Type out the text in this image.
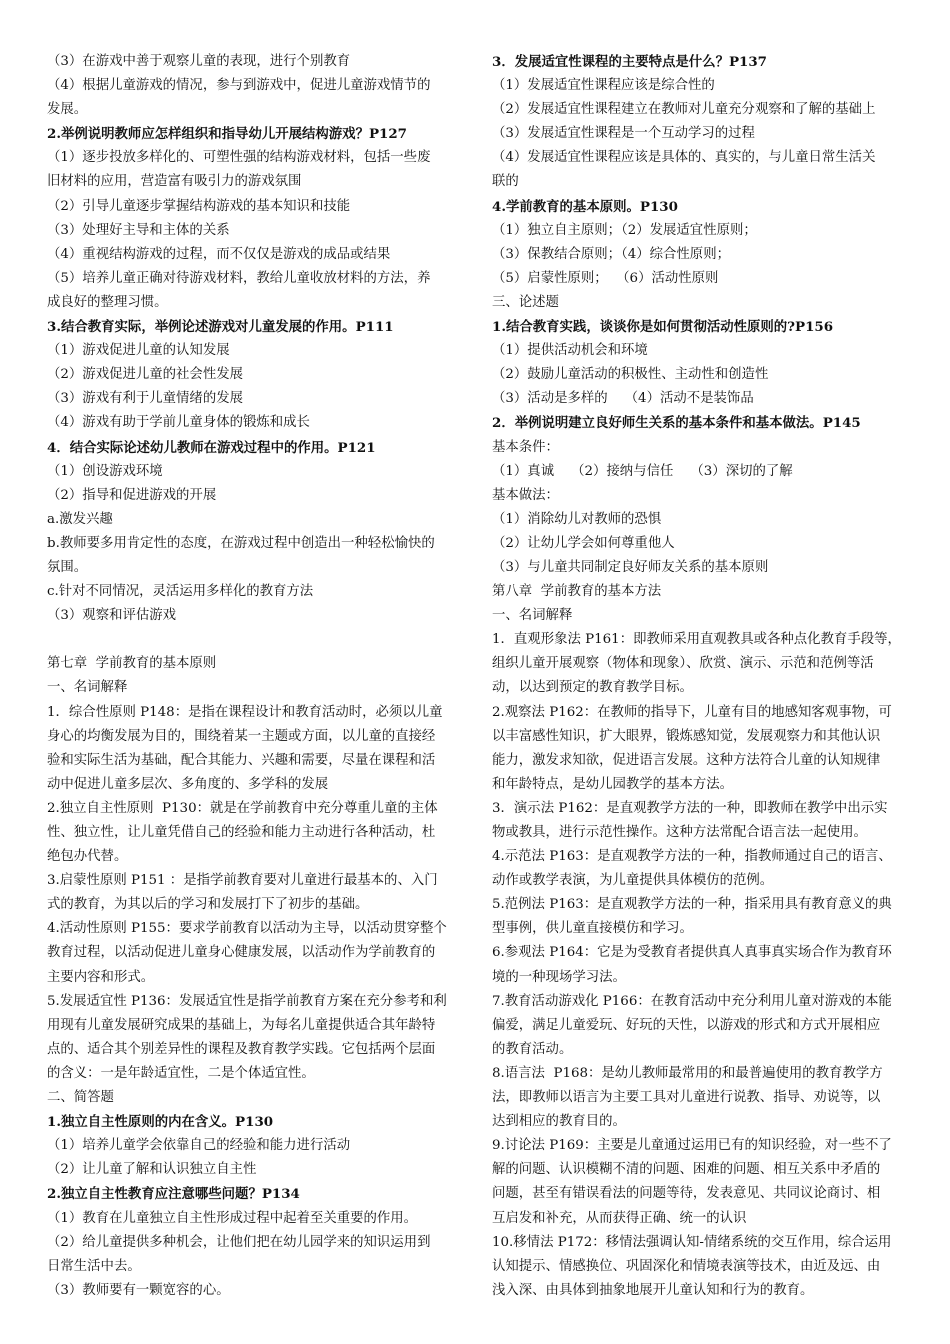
（3）在游戏中善于观察儿童的表现，进行个别教育
（4）根据儿童游戏的情况，参与到游戏中，促进儿童游戏情节的
发展。
2.举例说明教师应怎样组织和指导幼儿开展结构游戏？P127
（1）逐步投放多样化的、可塑性强的结构游戏材料，包括一些废
旧材料的应用，营造富有吸引力的游戏氛围
（2）引导儿童逐步掌握结构游戏的基本知识和技能
（3）处理好主导和主体的关系
（4）重视结构游戏的过程，而不仅仅是游戏的成品或结果
（5）培养儿童正确对待游戏材料，教给儿童收放材料的方法，养
成良好的整理习惯。
3.结合教育实际，举例论述游戏对儿童发展的作用。P111
（1）游戏促进儿童的认知发展
（2）游戏促进儿童的社会性发展
（3）游戏有利于儿童情绪的发展
（4）游戏有助于学前儿童身体的锻炼和成长
4．结合实际论述幼儿教师在游戏过程中的作用。P121
（1）创设游戏环境
（2）指导和促进游戏的开展
a.激发兴趣
b.教师要多用肯定性的态度，在游戏过程中创造出一种轻松愉快的
氛围。
c.针对不同情况，灵活运用多样化的教育方法
（3）观察和评估游戏
第七章  学前教育的基本原则
一、名词解释
1．综合性原则 P148：是指在课程设计和教育活动时，必须以儿童
身心的均衡发展为目的，围绕着某一主题或方面，以儿童的直接经
验和实际生活为基础，配合其能力、兴趣和需要，尽量在课程和活
动中促进儿童多层次、多角度的、多学科的发展
2.独立自主性原则  P130：就是在学前教育中充分尊重儿童的主体
性、独立性，让儿童凭借自己的经验和能力主动进行各种活动，杜
绝包办代替。
3.启蒙性原则 P151 ：是指学前教育要对儿童进行最基本的、入门
式的教育，为其以后的学习和发展打下了初步的基础。
4.活动性原则 P155：要求学前教育以活动为主导，以活动贯穿整个
教育过程，以活动促进儿童身心健康发展，以活动作为学前教育的
主要内容和形式。
5.发展适宜性 P136：发展适宜性是指学前教育方案在充分参考和利
用现有儿童发展研究成果的基础上，为每名儿童提供适合其年龄特
点的、适合其个别差异性的课程及教育教学实践。它包括两个层面
的含义：一是年龄适宜性，二是个体适宜性。
二、简答题
1.独立自主性原则的内在含义。P130
（1）培养儿童学会依靠自己的经验和能力进行活动
（2）让儿童了解和认识独立自主性
2.独立自主性教育应注意哪些问题？P134
（1）教育在儿童独立自主性形成过程中起着至关重要的作用。
（2）给儿童提供多种机会，让他们把在幼儿园学来的知识运用到
日常生活中去。
（3）教师要有一颗宽容的心。
3．发展适宜性课程的主要特点是什么？P137
（1）发展适宜性课程应该是综合性的
（2）发展适宜性课程建立在教师对儿童充分观察和了解的基础上
（3）发展适宜性课程是一个互动学习的过程
（4）发展适宜性课程应该是具体的、真实的，与儿童日常生活关
联的
4.学前教育的基本原则。P130
（1）独立自主原则；（2）发展适宜性原则；
（3）保教结合原则；（4）综合性原则；
（5）启蒙性原则；  （6）活动性原则
三、论述题
1.结合教育实践，谈谈你是如何贯彻活动性原则的?P156
（1）提供活动机会和环境
（2）鼓励儿童活动的积极性、主动性和创造性
（3）活动是多样的    （4）活动不是装饰品
2．举例说明建立良好师生关系的基本条件和基本做法。P145
基本条件：
（1）真诚    （2）接纳与信任    （3）深切的了解
基本做法：
（1）消除幼儿对教师的恐惧
（2）让幼儿学会如何尊重他人
（3）与儿童共同制定良好师友关系的基本原则
第八章  学前教育的基本方法
一、名词解释
1．直观形象法 P161：即教师采用直观教具或各种点化教育手段等，
组织儿童开展观察（物体和现象）、欣赏、演示、示范和范例等活
动，以达到预定的教育教学目标。
2.观察法 P162：在教师的指导下，儿童有目的地感知客观事物，可
以丰富感性知识，扩大眼界，锻炼感知觉，发展观察力和其他认识
能力，激发求知欲，促进语言发展。这种方法符合儿童的认知规律
和年龄特点，是幼儿园教学的基本方法。
3．演示法 P162：是直观教学方法的一种，即教师在教学中出示实
物或教具，进行示范性操作。这种方法常配合语言法一起使用。
4.示范法 P163：是直观教学方法的一种，指教师通过自己的语言、
动作或教学表演，为儿童提供具体模仿的范例。
5.范例法 P163：是直观教学方法的一种，指采用具有教育意义的典
型事例，供儿童直接模仿和学习。
6.参观法 P164：它是为受教育者提供真人真事真实场合作为教育环
境的一种现场学习法。
7.教育活动游戏化 P166：在教育活动中充分利用儿童对游戏的本能
偏爱，满足儿童爱玩、好玩的天性，以游戏的形式和方式开展相应
的教育活动。
8.语言法  P168：是幼儿教师最常用的和最普遍使用的教育教学方
法，即教师以语言为主要工具对儿童进行说教、指导、劝说等，以
达到相应的教育目的。
9.讨论法 P169：主要是儿童通过运用已有的知识经验，对一些不了
解的问题、认识模糊不清的问题、困难的问题、相互关系中矛盾的
问题，甚至有错误看法的问题等待，发表意见、共同议论商讨、相
互启发和补充，从而获得正确、统一的认识
10.移情法 P172：移情法强调认知-情绪系统的交互作用，综合运用
认知提示、情感换位、巩固深化和情境表演等技术，由近及远、由
浅入深、由具体到抽象地展开儿童认知和行为的教育。
